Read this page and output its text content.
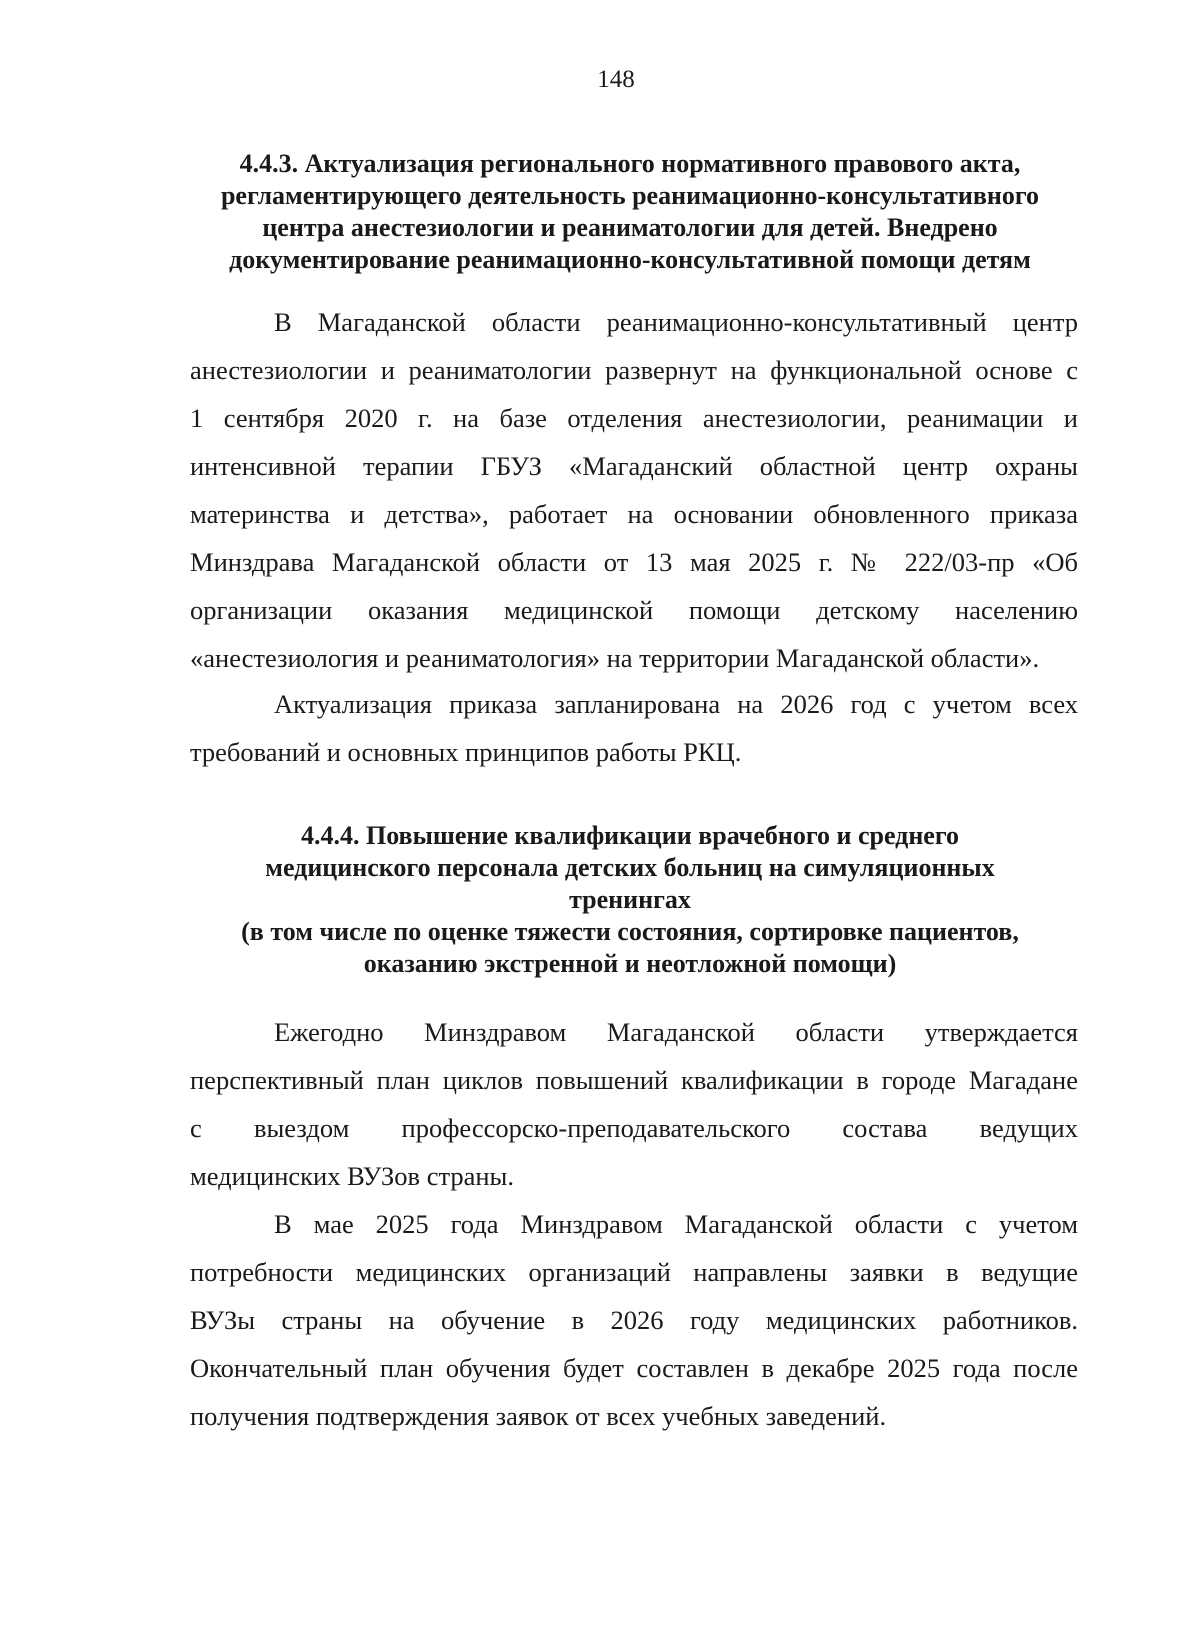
148
4.4.3. Актуализация регионального нормативного правового акта,
регламентирующего деятельность реанимационно-консультативного
центра анестезиологии и реаниматологии для детей. Внедрено
документирование реанимационно-консультативной помощи детям
В Магаданской области реанимационно-консультативный центр
анестезиологии и реаниматологии развернут на функциональной основе с
1 сентября 2020 г. на базе отделения анестезиологии, реанимации и
интенсивной терапии ГБУЗ «Магаданский областной центр охраны
материнства и детства», работает на основании обновленного приказа
Минздрава Магаданской области от 13 мая 2025 г. № 222/03-пр «Об
организации оказания медицинской помощи детскому населению
«анестезиология и реаниматология» на территории Магаданской области».
Актуализация приказа запланирована на 2026 год с учетом всех
требований и основных принципов работы РКЦ.
4.4.4. Повышение квалификации врачебного и среднего
медицинского персонала детских больниц на симуляционных
тренингах
(в том числе по оценке тяжести состояния, сортировке пациентов,
оказанию экстренной и неотложной помощи)
Ежегодно Минздравом Магаданской области утверждается
перспективный план циклов повышений квалификации в городе Магадане
с выездом профессорско-преподавательского состава ведущих
медицинских ВУЗов страны.
В мае 2025 года Минздравом Магаданской области с учетом
потребности медицинских организаций направлены заявки в ведущие
ВУЗы страны на обучение в 2026 году медицинских работников.
Окончательный план обучения будет составлен в декабре 2025 года после
получения подтверждения заявок от всех учебных заведений.
